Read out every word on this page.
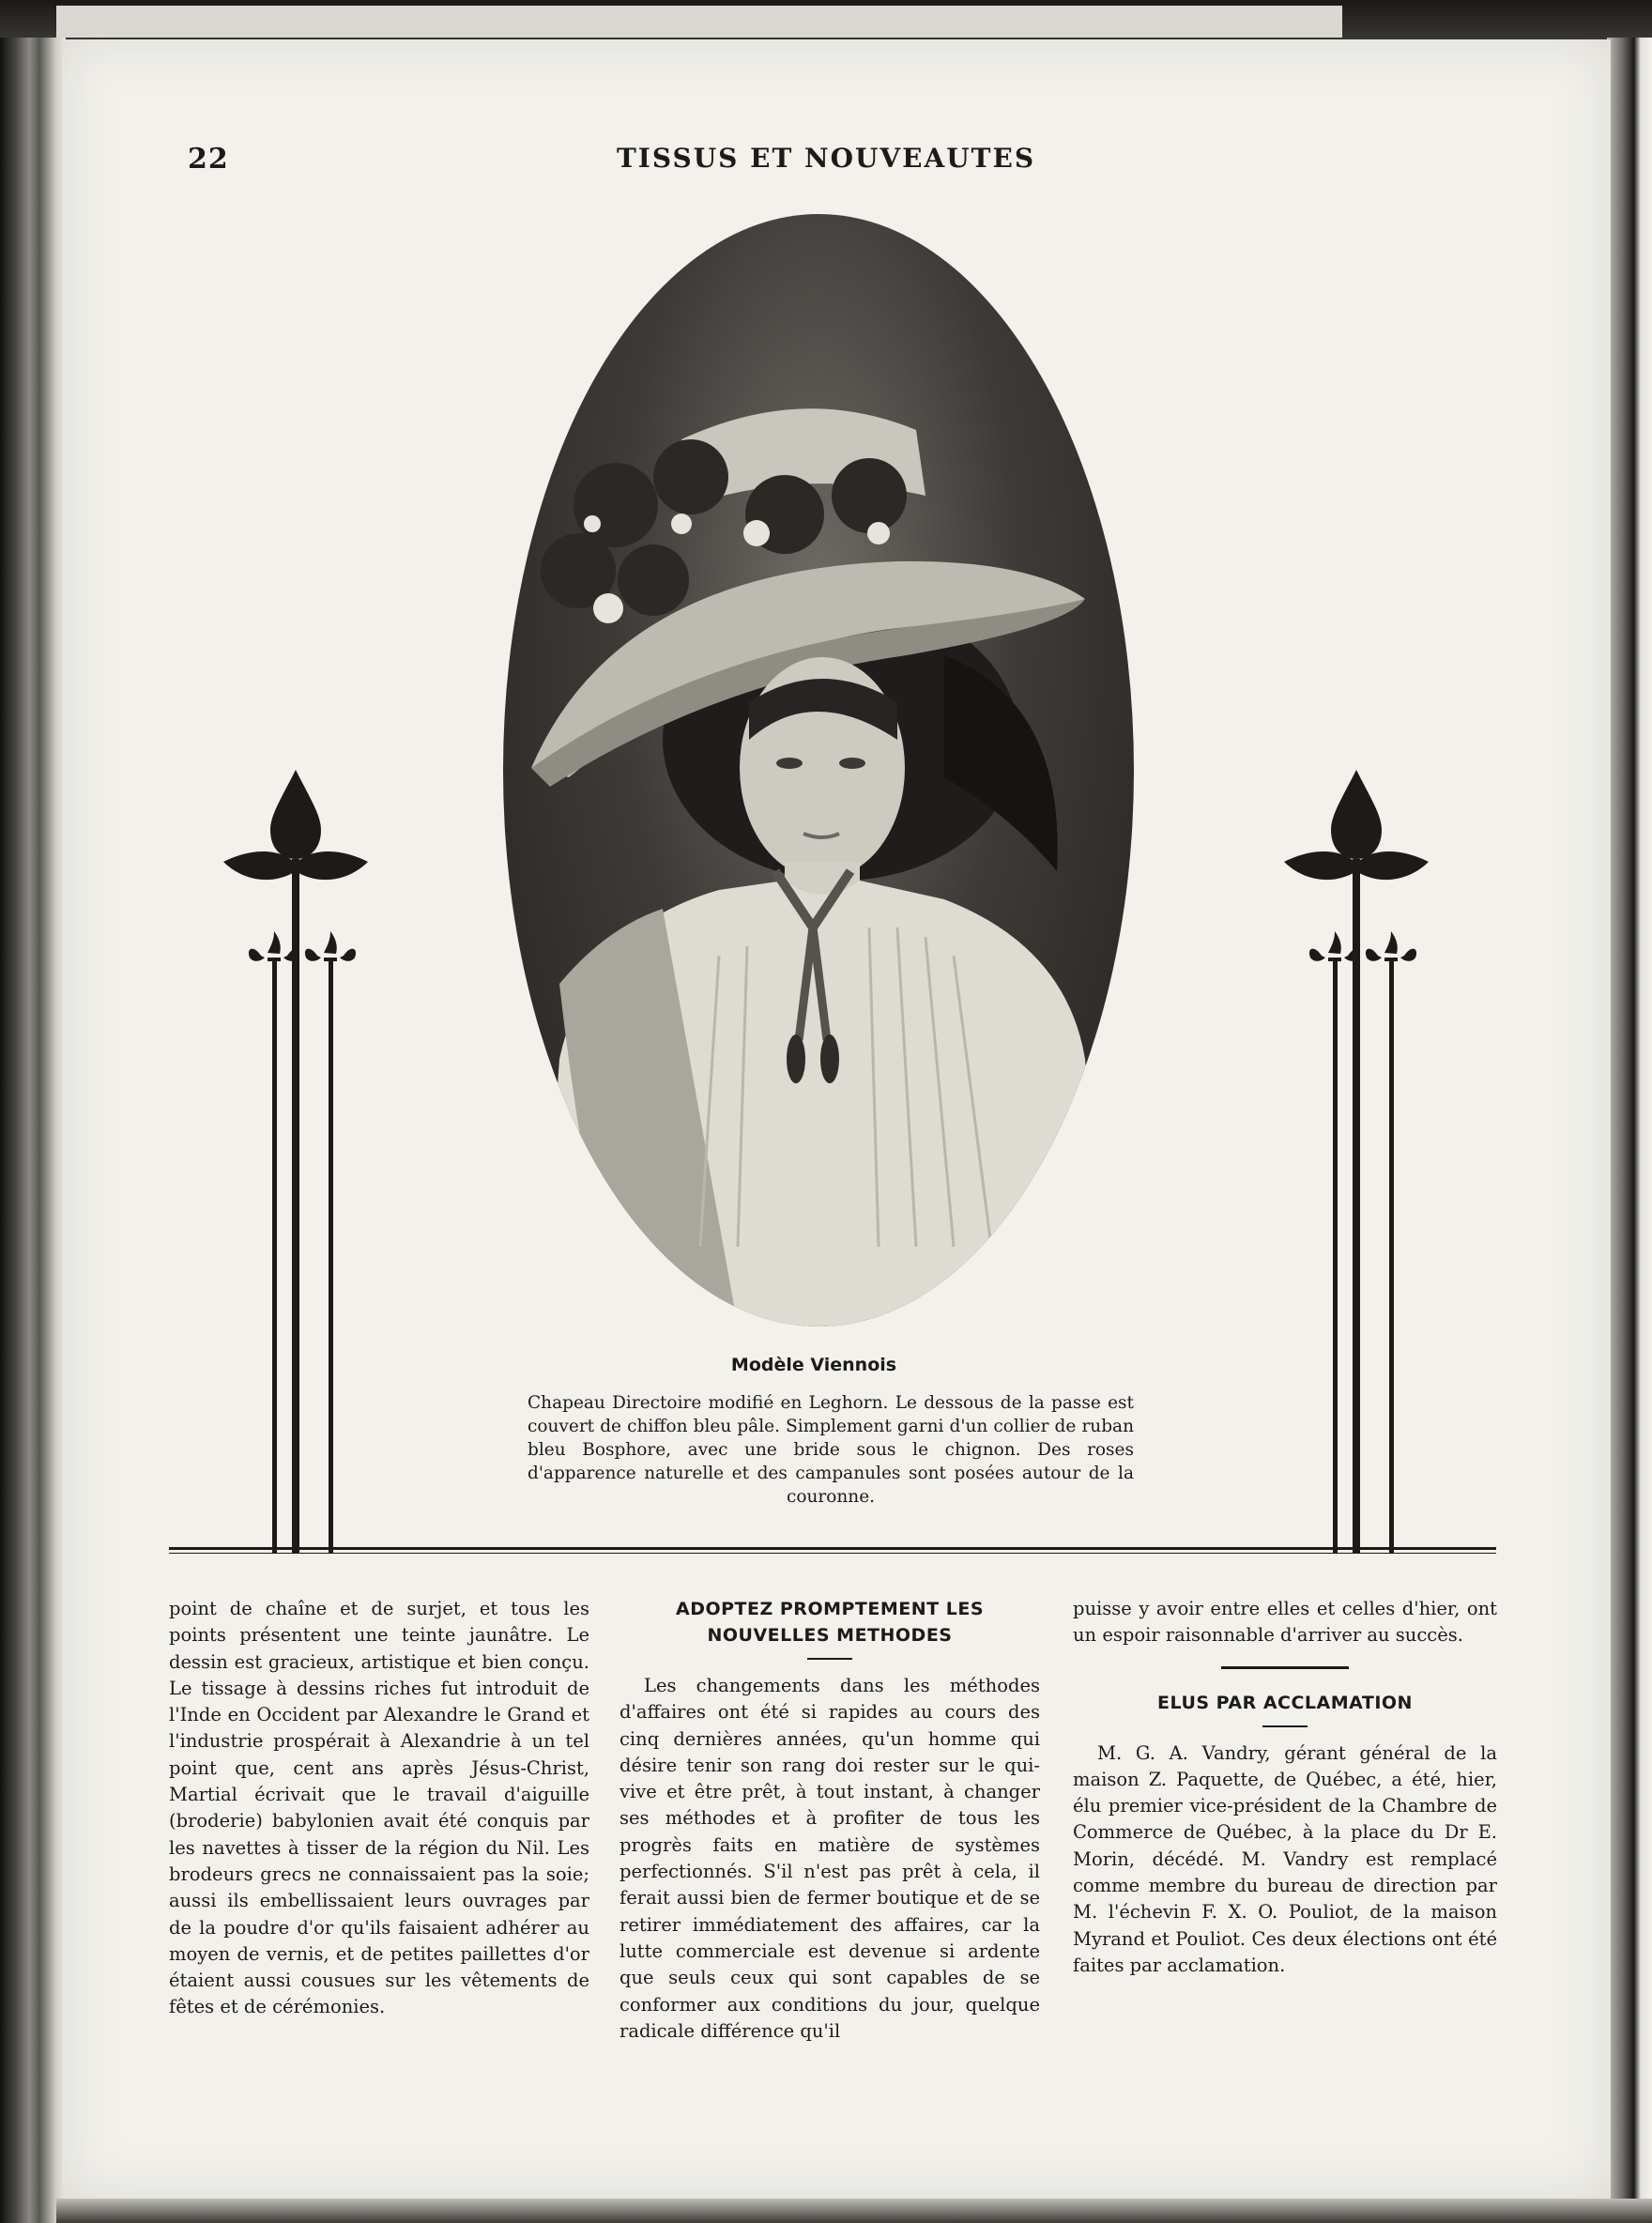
22	TISSUS ET NOUVEAUTES
Modèle Viennois
Chapeau Directoire modifié en Leghorn. Le dessous de la passe est couvert de chiffon bleu pâle. Simplement garni d'un collier de ruban bleu Bosphore, avec une bride sous le chignon. Des roses d'apparence naturelle et des campanules sont posées autour de la couronne.

point de chaîne et de surjet, et tous les points présentent une teinte jaunâtre. Le dessin est gracieux, artistique et bien conçu. Le tissage à dessins riches fut introduit de l'Inde en Occident par Alexandre le Grand et l'industrie prospérait à Alexandrie à un tel point que, cent ans après Jésus-Christ, Martial écrivait que le travail d'aiguille (broderie) babylonien avait été conquis par les navettes à tisser de la région du Nil. Les brodeurs grecs ne connaissaient pas la soie; aussi ils embellissaient leurs ouvrages par de la poudre d'or qu'ils faisaient adhérer au moyen de vernis, et de petites paillettes d'or étaient aussi cousues sur les vêtements de fêtes et de cérémonies.

ADOPTEZ PROMPTEMENT LES NOUVELLES METHODES

Les changements dans les méthodes d'affaires ont été si rapides au cours des cinq dernières années, qu'un homme qui désire tenir son rang doi rester sur le qui-vive et être prêt, à tout instant, à changer ses méthodes et à profiter de tous les progrès faits en matière de systèmes perfectionnés. S'il n'est pas prêt à cela, il ferait aussi bien de fermer boutique et de se retirer immédiatement des affaires, car la lutte commerciale est devenue si ardente que seuls ceux qui sont capables de se conformer aux conditions du jour, quelque radicale différence qu'il

puisse y avoir entre elles et celles d'hier, ont un espoir raisonnable d'arriver au succès.

ELUS PAR ACCLAMATION

M. G. A. Vandry, gérant général de la maison Z. Paquette, de Québec, a été, hier, élu premier vice-président de la Chambre de Commerce de Québec, à la place du Dr E. Morin, décédé. M. Vandry est remplacé comme membre du bureau de direction par M. l'échevin F. X. O. Pouliot, de la maison Myrand et Pouliot. Ces deux élections ont été faites par acclamation.
